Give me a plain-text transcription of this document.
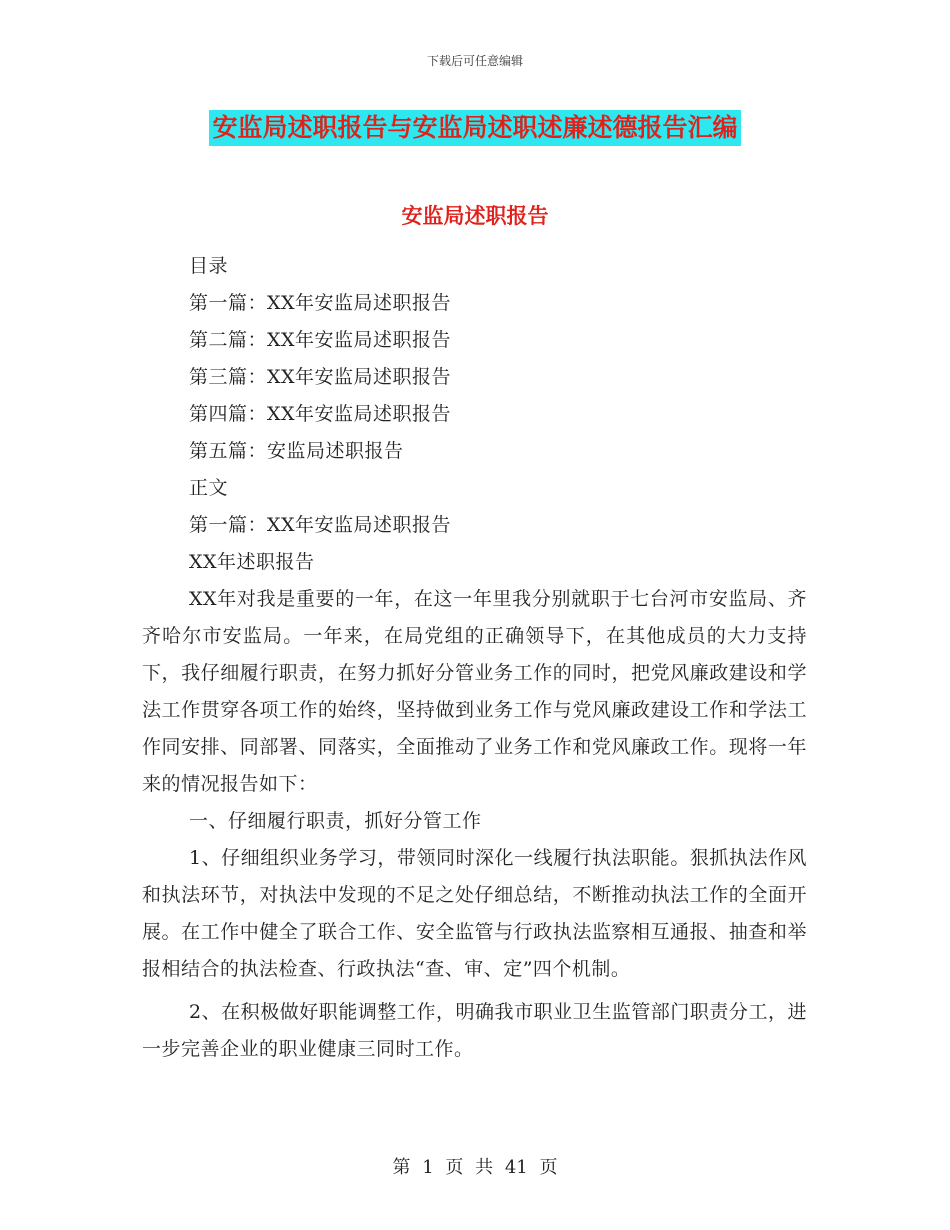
下载后可任意编辑
安监局述职报告与安监局述职述廉述德报告汇编
安监局述职报告
目录
第一篇：XX年安监局述职报告
第二篇：XX年安监局述职报告
第三篇：XX年安监局述职报告
第四篇：XX年安监局述职报告
第五篇：安监局述职报告
正文
第一篇：XX年安监局述职报告
XX年述职报告

XX年对我是重要的一年，在这一年里我分别就职于七台河市安监局、齐齐哈尔市安监局。一年来，在局党组的正确领导下，在其他成员的大力支持下，我仔细履行职责，在努力抓好分管业务工作的同时，把党风廉政建设和学法工作贯穿各项工作的始终，坚持做到业务工作与党风廉政建设工作和学法工作同安排、同部署、同落实，全面推动了业务工作和党风廉政工作。现将一年来的情况报告如下：

一、仔细履行职责，抓好分管工作

1、仔细组织业务学习，带领同时深化一线履行执法职能。狠抓执法作风和执法环节，对执法中发现的不足之处仔细总结，不断推动执法工作的全面开展。在工作中健全了联合工作、安全监管与行政执法监察相互通报、抽查和举报相结合的执法检查、行政执法“查、审、定”四个机制。

2、在积极做好职能调整工作，明确我市职业卫生监管部门职责分工，进一步完善企业的职业健康三同时工作。

第 1 页 共 41 页
